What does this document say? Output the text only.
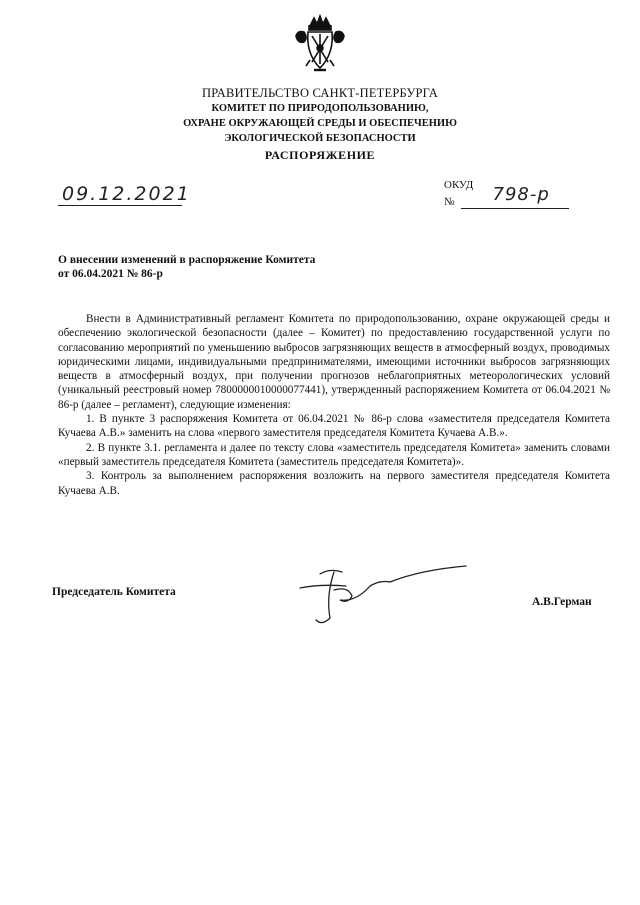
ПРАВИТЕЛЬСТВО САНКТ-ПЕТЕРБУРГА
КОМИТЕТ ПО ПРИРОДОПОЛЬЗОВАНИЮ,
ОХРАНЕ ОКРУЖАЮЩЕЙ СРЕДЫ И ОБЕСПЕЧЕНИЮ
ЭКОЛОГИЧЕСКОЙ БЕЗОПАСНОСТИ
РАСПОРЯЖЕНИЕ
09.12.2021	ОКУД
№ 798-р
О внесении изменений в распоряжение Комитета
от 06.04.2021 № 86-р

Внести в Административный регламент Комитета по природопользованию, охране окружающей среды и обеспечению экологической безопасности (далее – Комитет) по предоставлению государственной услуги по согласованию мероприятий по уменьшению выбросов загрязняющих веществ в атмосферный воздух, проводимых юридическими лицами, индивидуальными предпринимателями, имеющими источники выбросов загрязняющих веществ в атмосферный воздух, при получении прогнозов неблагоприятных метеорологических условий (уникальный реестровый номер 7800000010000077441), утвержденный распоряжением Комитета от 06.04.2021 № 86-р (далее – регламент), следующие изменения:

1. В пункте 3 распоряжения Комитета от 06.04.2021 № 86-р слова «заместителя председателя Комитета Кучаева А.В.» заменить на слова «первого заместителя председателя Комитета Кучаева А.В.».

2. В пункте 3.1. регламента и далее по тексту слова «заместитель председателя Комитета» заменить словами «первый заместитель председателя Комитета (заместитель председателя Комитета)».

3. Контроль за выполнением распоряжения возложить на первого заместителя председателя Комитета Кучаева А.В.

Председатель Комитета
А.В.Герман
